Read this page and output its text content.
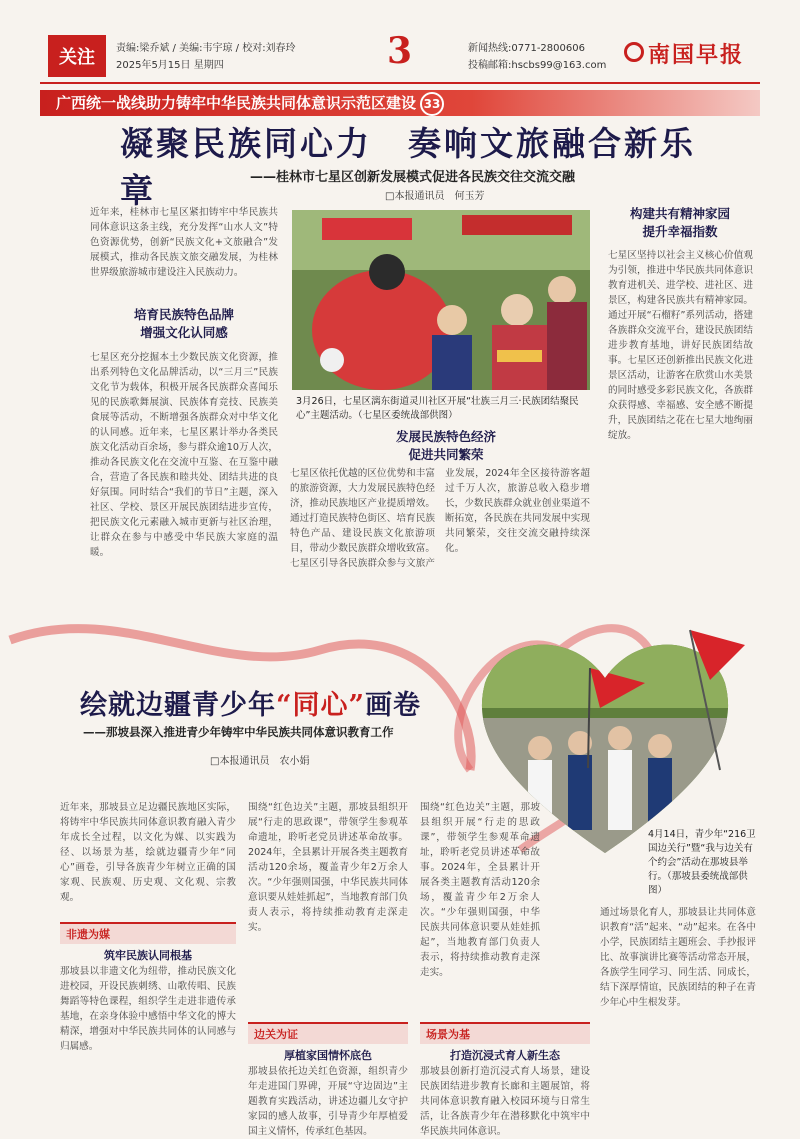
关注	责编:梁乔斌 / 美编:韦宇琼 / 校对:刘春玲
2025年5月15日 星期四	3	新闻热线:0771-2800606
投稿邮箱:hscbs99@163.com 南国早报
广西统一战线助力铸牢中华民族共同体意识示范区建设 33
凝聚民族同心力　奏响文旅融合新乐章	——桂林市七星区创新发展模式促进各民族交往交流交融
□本报通讯员　何玉芳
近年来，桂林市七星区紧扣铸牢中华民族共同体意识这条主线，充分发挥“山水人文”特色资源优势，创新“民族文化+文旅融合”发展模式，推动各民族文旅交融发展，为桂林世界级旅游城市建设注入民族动力。
培育民族特色品牌
增强文化认同感
七星区充分挖掘本土少数民族文化资源，推出系列特色文化品牌活动，以“三月三”民族文化节为载体，积极开展各民族群众喜闻乐见的民族歌舞展演、民族体育竞技、民族美食展等活动，不断增强各族群众对中华文化的认同感。近年来，七星区累计举办各类民族文化活动百余场，参与群众逾10万人次，推动各民族文化在交流中互鉴、在互鉴中融合，营造了各民族和睦共处、团结共进的良好氛围。同时结合“我们的节日”主题，深入社区、学校、景区开展民族团结进步宣传，把民族文化元素融入城市更新与社区治理，让群众在参与中感受中华民族大家庭的温暖。
3月26日，七星区漓东街道灵川社区开展“壮族三月三·民族团结聚民心”主题活动。（七星区委统战部供图）
发展民族特色经济
促进共同繁荣
七星区依托优越的区位优势和丰富的旅游资源，大力发展民族特色经济，推动民族地区产业提质增效。通过打造民族特色街区、培育民族特色产品、建设民族文化旅游项目，带动少数民族群众增收致富。七星区引导各民族群众参与文旅产业发展，2024年全区接待游客超过千万人次，旅游总收入稳步增长，少数民族群众就业创业渠道不断拓宽，各民族在共同发展中实现共同繁荣，交往交流交融持续深化。
构建共有精神家园
提升幸福指数
七星区坚持以社会主义核心价值观为引领，推进中华民族共同体意识教育进机关、进学校、进社区、进景区，构建各民族共有精神家园。通过开展“石榴籽”系列活动，搭建各族群众交流平台，建设民族团结进步教育基地，讲好民族团结故事。七星区还创新推出民族文化进景区活动，让游客在欣赏山水美景的同时感受多彩民族文化，各族群众获得感、幸福感、安全感不断提升，民族团结之花在七星大地绚丽绽放。
4月14日，青少年“216卫国边关行”暨“我与边关有个约会”活动在那坡县举行。（那坡县委统战部供图）
绘就边疆青少年“同心”画卷
——那坡县深入推进青少年铸牢中华民族共同体意识教育工作
□本报通讯员　农小娟
近年来，那坡县立足边疆民族地区实际，将铸牢中华民族共同体意识教育融入青少年成长全过程，以文化为媒、以实践为径、以场景为基，绘就边疆青少年“同心”画卷，引导各族青少年树立正确的国家观、民族观、历史观、文化观、宗教观。
非遗为媒
筑牢民族认同根基
那坡县以非遗文化为纽带，推动民族文化进校园，开设民族刺绣、山歌传唱、民族舞蹈等特色课程，组织学生走进非遗传承基地，在亲身体验中感悟中华文化的博大精深，增强对中华民族共同体的认同感与归属感。
围绕“红色边关”主题，那坡县组织开展“行走的思政课”，带领学生参观革命遗址，聆听老党员讲述革命故事。2024年，全县累计开展各类主题教育活动120余场，覆盖青少年2万余人次。“少年强则国强，中华民族共同体意识要从娃娃抓起”，当地教育部门负责人表示，将持续推动教育走深走实。
边关为证
厚植家国情怀底色
那坡县依托边关红色资源，组织青少年走进国门界碑，开展“守边固边”主题教育实践活动，讲述边疆儿女守护家园的感人故事，引导青少年厚植爱国主义情怀，传承红色基因。
围绕“红色边关”主题，那坡县组织开展“行走的思政课”，带领学生参观革命遗址，聆听老党员讲述革命故事。2024年，全县累计开展各类主题教育活动120余场，覆盖青少年2万余人次。“少年强则国强，中华民族共同体意识要从娃娃抓起”，当地教育部门负责人表示，将持续推动教育走深走实。
场景为基
打造沉浸式育人新生态
那坡县创新打造沉浸式育人场景，建设民族团结进步教育长廊和主题展馆，将共同体意识教育融入校园环境与日常生活，让各族青少年在潜移默化中筑牢中华民族共同体意识。
通过场景化育人，那坡县让共同体意识教育“活”起来、“动”起来。在各中小学，民族团结主题班会、手抄报评比、故事演讲比赛等活动常态开展，各族学生同学习、同生活、同成长，结下深厚情谊，民族团结的种子在青少年心中生根发芽。
